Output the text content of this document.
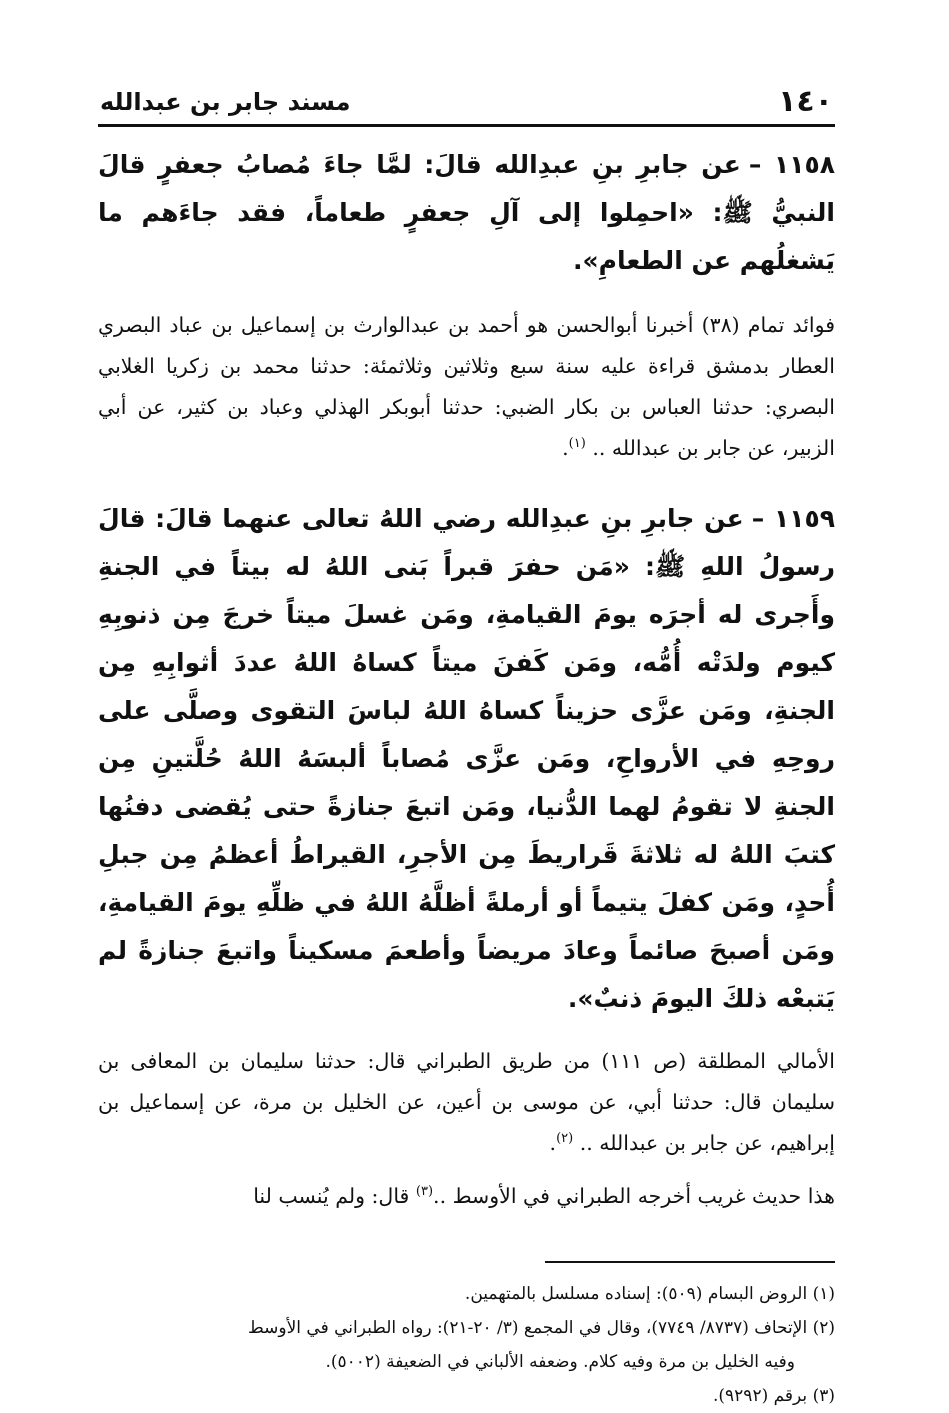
١٤٠
مسند جابر بن عبدالله

١١٥٨ –عن جابرِ بنِ عبدِالله قالَ: لمَّا جاءَ مُصابُ جعفرٍ قالَ النبيُّ ﷺ: «احمِلوا إلى آلِ جعفرٍ طعاماً، فقد جاءَهم ما يَشغلُهم عن الطعامِ».

فوائد تمام (٣٨) أخبرنا أبوالحسن هو أحمد بن عبدالوارث بن إسماعيل بن عباد البصري العطار بدمشق قراءة عليه سنة سبع وثلاثين وثلاثمئة: حدثنا محمد بن زكريا الغلابي البصري: حدثنا العباس بن بكار الضبي: حدثنا أبوبكر الهذلي وعباد بن كثير، عن أبي الزبير، عن جابر بن عبدالله .. $^{(١)}$.

١١٥٩ –عن جابرِ بنِ عبدِالله رضي اللهُ تعالى عنهما قالَ: قالَ رسولُ اللهِ ﷺ: «مَن حفرَ قبراً بَنى اللهُ له بيتاً في الجنةِ وأَجرى له أجرَه يومَ القيامةِ، ومَن غسلَ ميتاً خرجَ مِن ذنوبِهِ كيوم ولدَتْه أُمُّه، ومَن كَفنَ ميتاً كساهُ اللهُ عددَ أثوابِهِ مِن الجنةِ، ومَن عزَّى حزيناً كساهُ اللهُ لباسَ التقوى وصلَّى على روحِهِ في الأرواحِ، ومَن عزَّى مُصاباً ألبسَهُ اللهُ حُلَّتينِ مِن الجنةِ لا تقومُ لهما الدُّنيا، ومَن اتبعَ جنازةً حتى يُقضى دفنُها كتبَ اللهُ له ثلاثةَ قَراريطَ مِن الأجرِ، القيراطُ أعظمُ مِن جبلِ أُحدٍ، ومَن كفلَ يتيماً أو أرملةً أظلَّهُ اللهُ في ظلِّهِ يومَ القيامةِ، ومَن أصبحَ صائماً وعادَ مريضاً وأطعمَ مسكيناً واتبعَ جنازةً لم يَتبعْه ذلكَ اليومَ ذنبٌ».

الأمالي المطلقة (ص ١١١) من طريق الطبراني قال: حدثنا سليمان بن المعافى بن سليمان قال: حدثنا أبي، عن موسى بن أعين، عن الخليل بن مرة، عن إسماعيل بن إبراهيم، عن جابر بن عبدالله .. $^{(٢)}$.

هذا حديث غريب أخرجه الطبراني في الأوسط ..$^{(٣)}$ قال: ولم يُنسب لنا

(١) الروض البسام (٥٠٩): إسناده مسلسل بالمتهمين.

(٢) الإتحاف (٨٧٣٧/ ٧٧٤٩)، وقال في المجمع (٣/ ٢٠-٢١): رواه الطبراني في الأوسط
وفيه الخليل بن مرة وفيه كلام. وضعفه الألباني في الضعيفة (٥٠٠٢).

(٣) برقم (٩٢٩٢).
